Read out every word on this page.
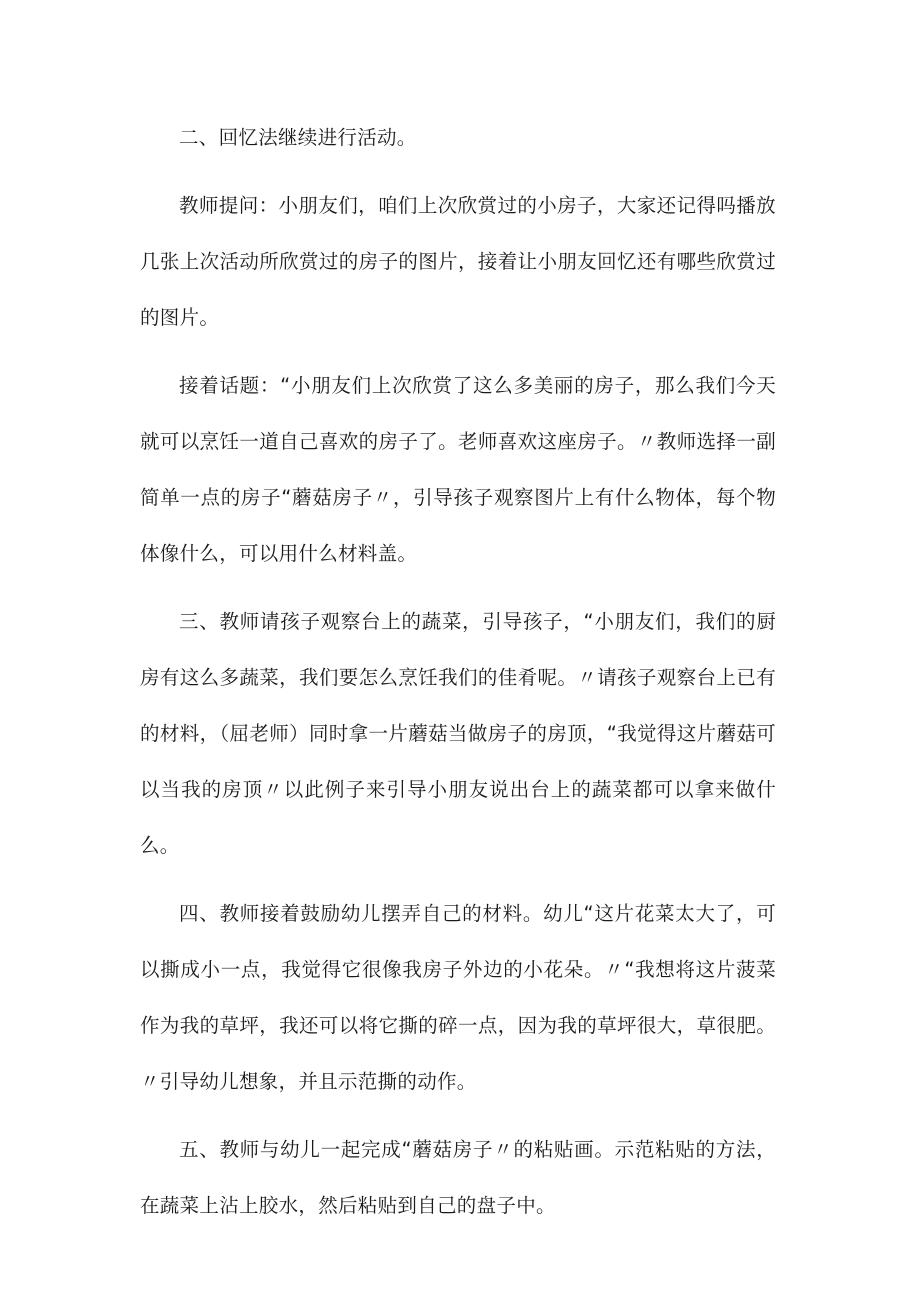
二、回忆法继续进行活动。

教师提问：小朋友们，咱们上次欣赏过的小房子，大家还记得吗播放几张上次活动所欣赏过的房子的图片，接着让小朋友回忆还有哪些欣赏过的图片。

接着话题：“小朋友们上次欣赏了这么多美丽的房子，那么我们今天就可以烹饪一道自己喜欢的房子了。老师喜欢这座房子。〃教师选择一副简单一点的房子“蘑菇房子〃，引导孩子观察图片上有什么物体，每个物体像什么，可以用什么材料盖。

三、教师请孩子观察台上的蔬菜，引导孩子，“小朋友们，我们的厨房有这么多蔬菜，我们要怎么烹饪我们的佳肴呢。〃请孩子观察台上已有的材料，（屈老师）同时拿一片蘑菇当做房子的房顶，“我觉得这片蘑菇可以当我的房顶〃以此例子来引导小朋友说出台上的蔬菜都可以拿来做什么。

四、教师接着鼓励幼儿摆弄自己的材料。幼儿“这片花菜太大了，可以撕成小一点，我觉得它很像我房子外边的小花朵。〃“我想将这片菠菜作为我的草坪，我还可以将它撕的碎一点，因为我的草坪很大，草很肥。〃引导幼儿想象，并且示范撕的动作。

五、教师与幼儿一起完成“蘑菇房子〃的粘贴画。示范粘贴的方法，在蔬菜上沾上胶水，然后粘贴到自己的盘子中。
